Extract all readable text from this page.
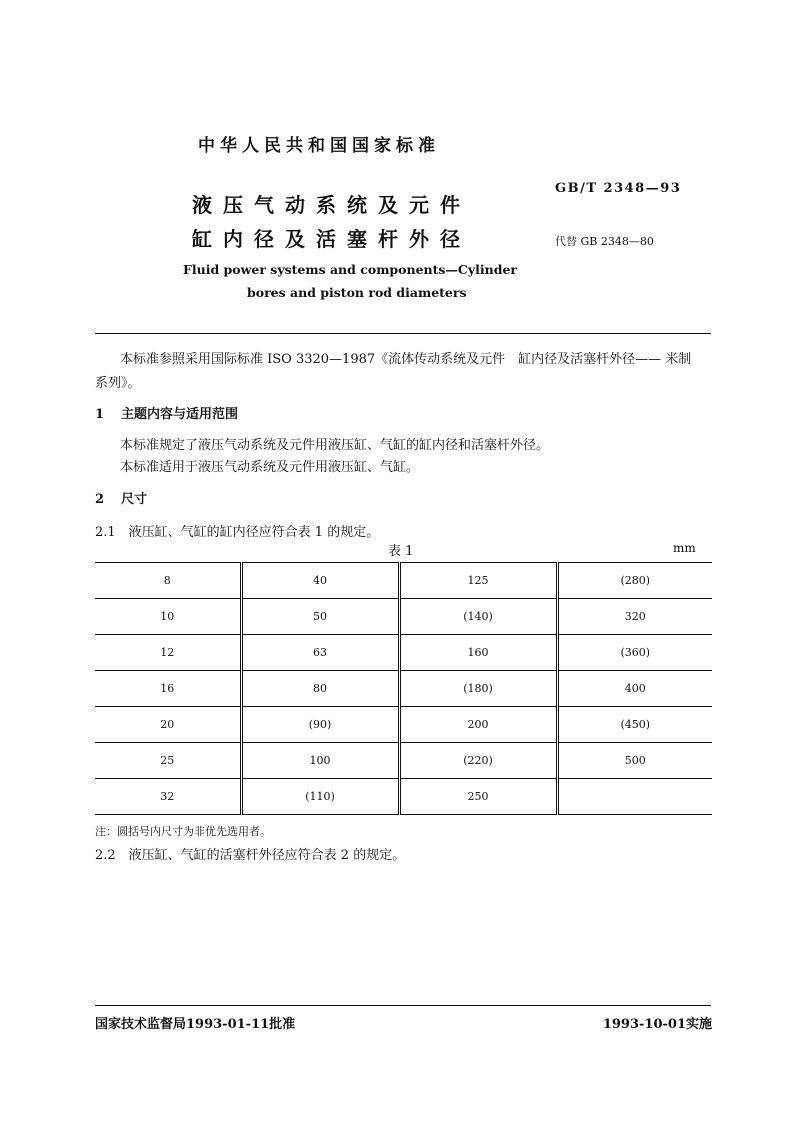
中华人民共和国国家标准
液压气动系统及元件
缸内径及活塞杆外径
GB/T 2348—93
代替 GB 2348—80
Fluid power systems and components—Cylinder
bores and piston rod diameters
本标准参照采用国际标准 ISO 3320—1987《流体传动系统及元件　缸内径及活塞杆外径—— 米制
系列》。
1 主题内容与适用范围
本标准规定了液压气动系统及元件用液压缸、气缸的缸内径和活塞杆外径。
本标准适用于液压气动系统及元件用液压缸、气缸。
2 尺寸
2.1　液压缸、气缸的缸内径应符合表 1 的规定。
表 1	mm
8	40	125	(280)
10	50	(140)	320
12	63	160	(360)
16	80	(180)	400
20	(90)	200	(450)
25	100	(220)	500
32	(110)	250	
注：圆括号内尺寸为非优先选用者。
2.2　液压缸、气缸的活塞杆外径应符合表 2 的规定。
国家技术监督局1993-01-11批准	1993-10-01实施
